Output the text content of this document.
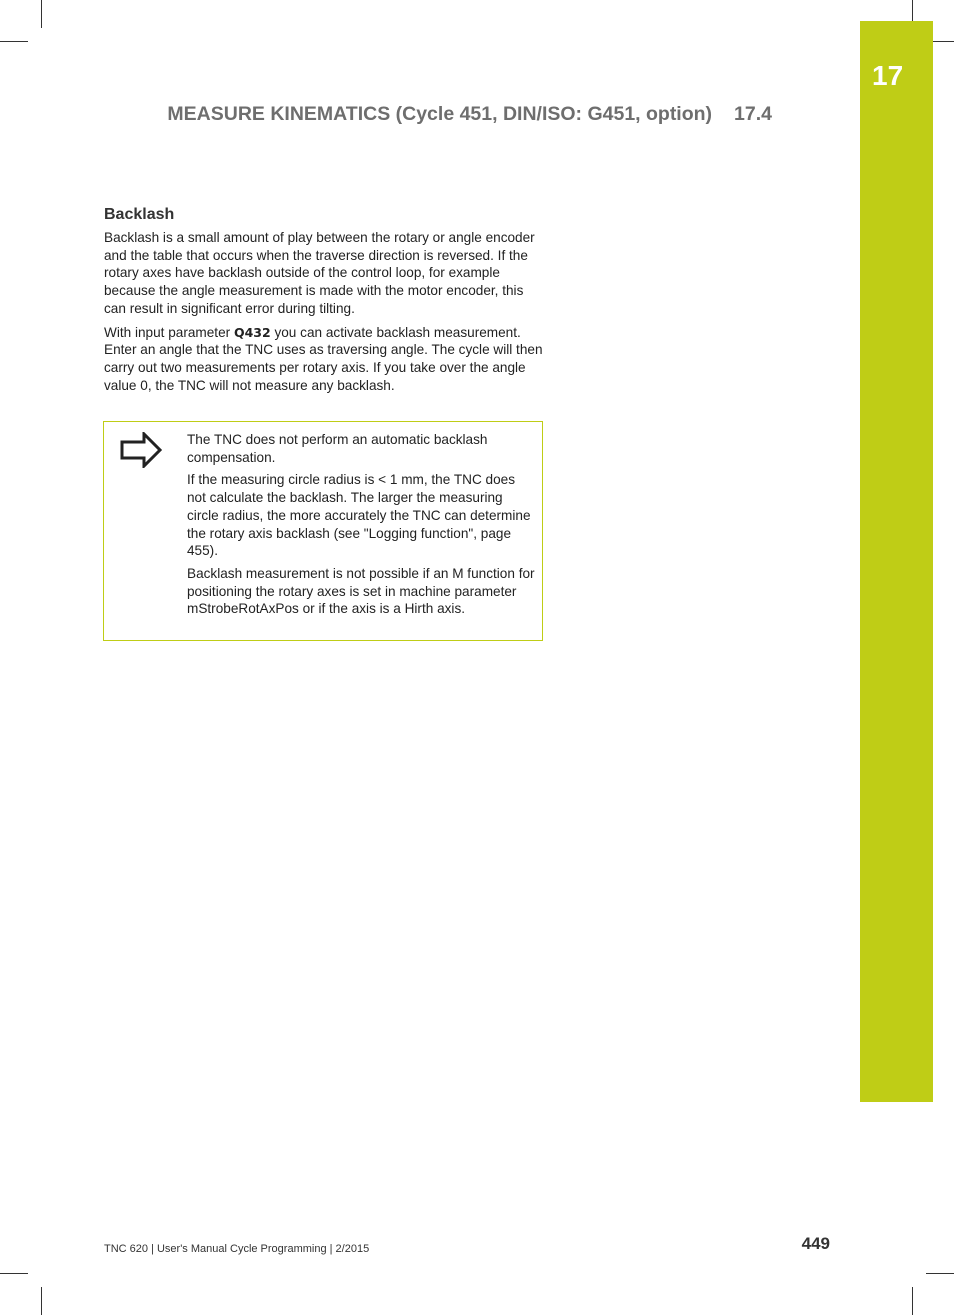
17
MEASURE KINEMATICS (Cycle 451, DIN/ISO: G451, option) 17.4
Backlash

Backlash is a small amount of play between the rotary or angle encoder and the table that occurs when the traverse direction is reversed. If the rotary axes have backlash outside of the control loop, for example because the angle measurement is made with the motor encoder, this can result in significant error during tilting.

With input parameter Q432 you can activate backlash measurement. Enter an angle that the TNC uses as traversing angle. The cycle will then carry out two measurements per rotary axis. If you take over the angle value 0, the TNC will not measure any backlash.

The TNC does not perform an automatic backlash compensation.

If the measuring circle radius is < 1 mm, the TNC does not calculate the backlash. The larger the measuring circle radius, the more accurately the TNC can determine the rotary axis backlash (see "Logging function", page 455).

Backlash measurement is not possible if an M function for positioning the rotary axes is set in machine parameter mStrobeRotAxPos or if the axis is a Hirth axis.

TNC 620 | User's Manual Cycle Programming | 2/2015	449
